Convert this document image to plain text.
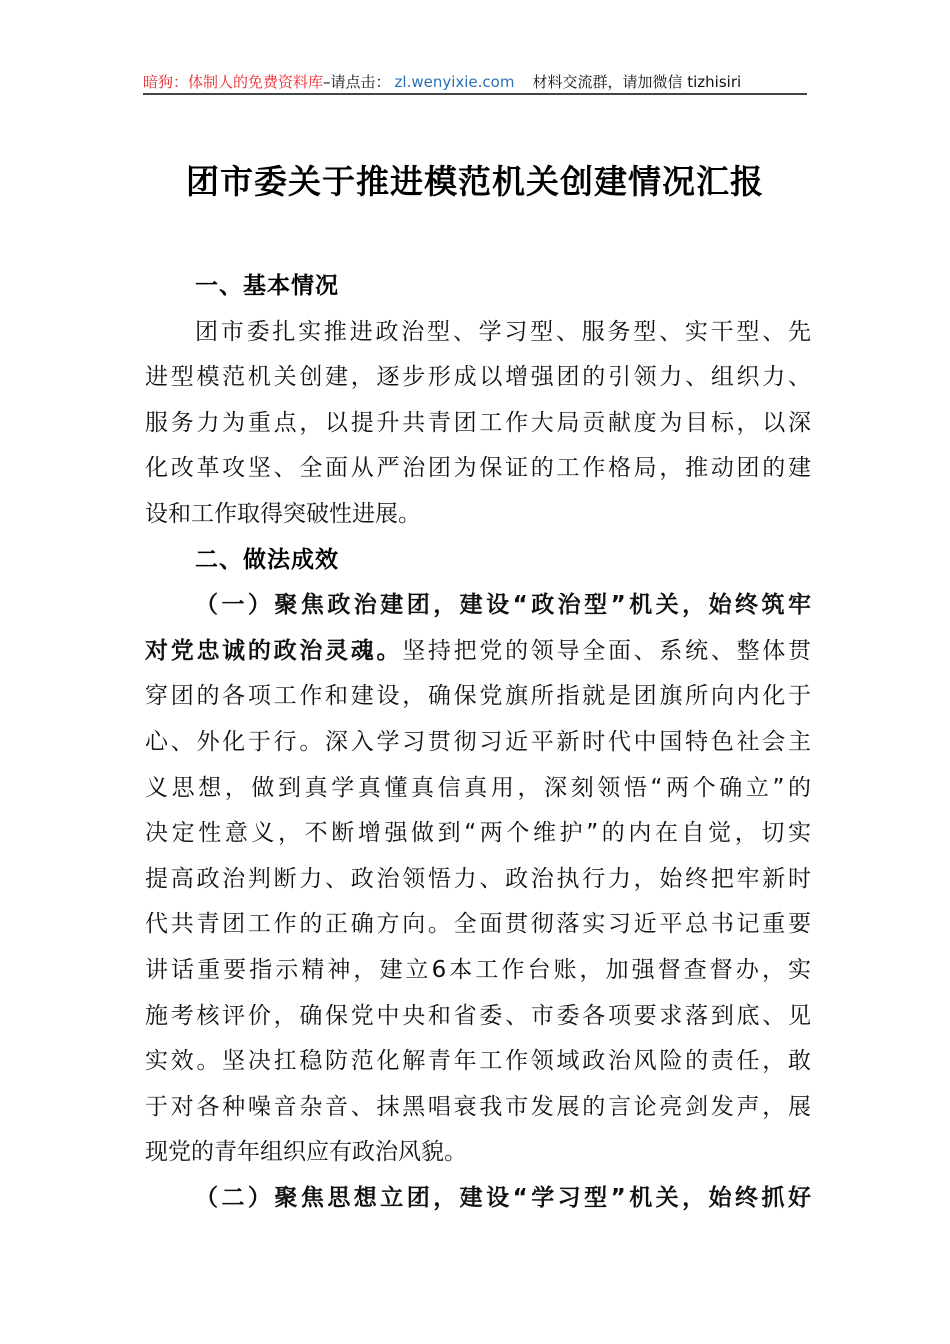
暗狗：体制人的免费资料库 –请点击： zl.wenyixie.com 材料交流群，请加微信 tizhisiri
团市委关于推进模范机关创建情况汇报
一、基本情况
团市委扎实推进政治型、学习型、服务型、实干型、先
进型模范机关创建，逐步形成以增强团的引领力、组织力、
服务力为重点，以提升共青团工作大局贡献度为目标，以深
化改革攻坚、全面从严治团为保证的工作格局，推动团的建
设和工作取得突破性进展。
二、做法成效
（一）聚焦政治建团，建设“政治型”机关，始终筑牢
对党忠诚的政治灵魂。坚持把党的领导全面、系统、整体贯
穿团的各项工作和建设，确保党旗所指就是团旗所向内化于
心、外化于行。深入学习贯彻习近平新时代中国特色社会主
义思想，做到真学真懂真信真用，深刻领悟“两个确立”的
决定性意义，不断增强做到“两个维护”的内在自觉，切实
提高政治判断力、政治领悟力、政治执行力，始终把牢新时
代共青团工作的正确方向。全面贯彻落实习近平总书记重要
讲话重要指示精神，建立6本工作台账，加强督查督办，实
施考核评价，确保党中央和省委、市委各项要求落到底、见
实效。坚决扛稳防范化解青年工作领域政治风险的责任，敢
于对各种噪音杂音、抹黑唱衰我市发展的言论亮剑发声，展
现党的青年组织应有政治风貌。
（二）聚焦思想立团，建设“学习型”机关，始终抓好
